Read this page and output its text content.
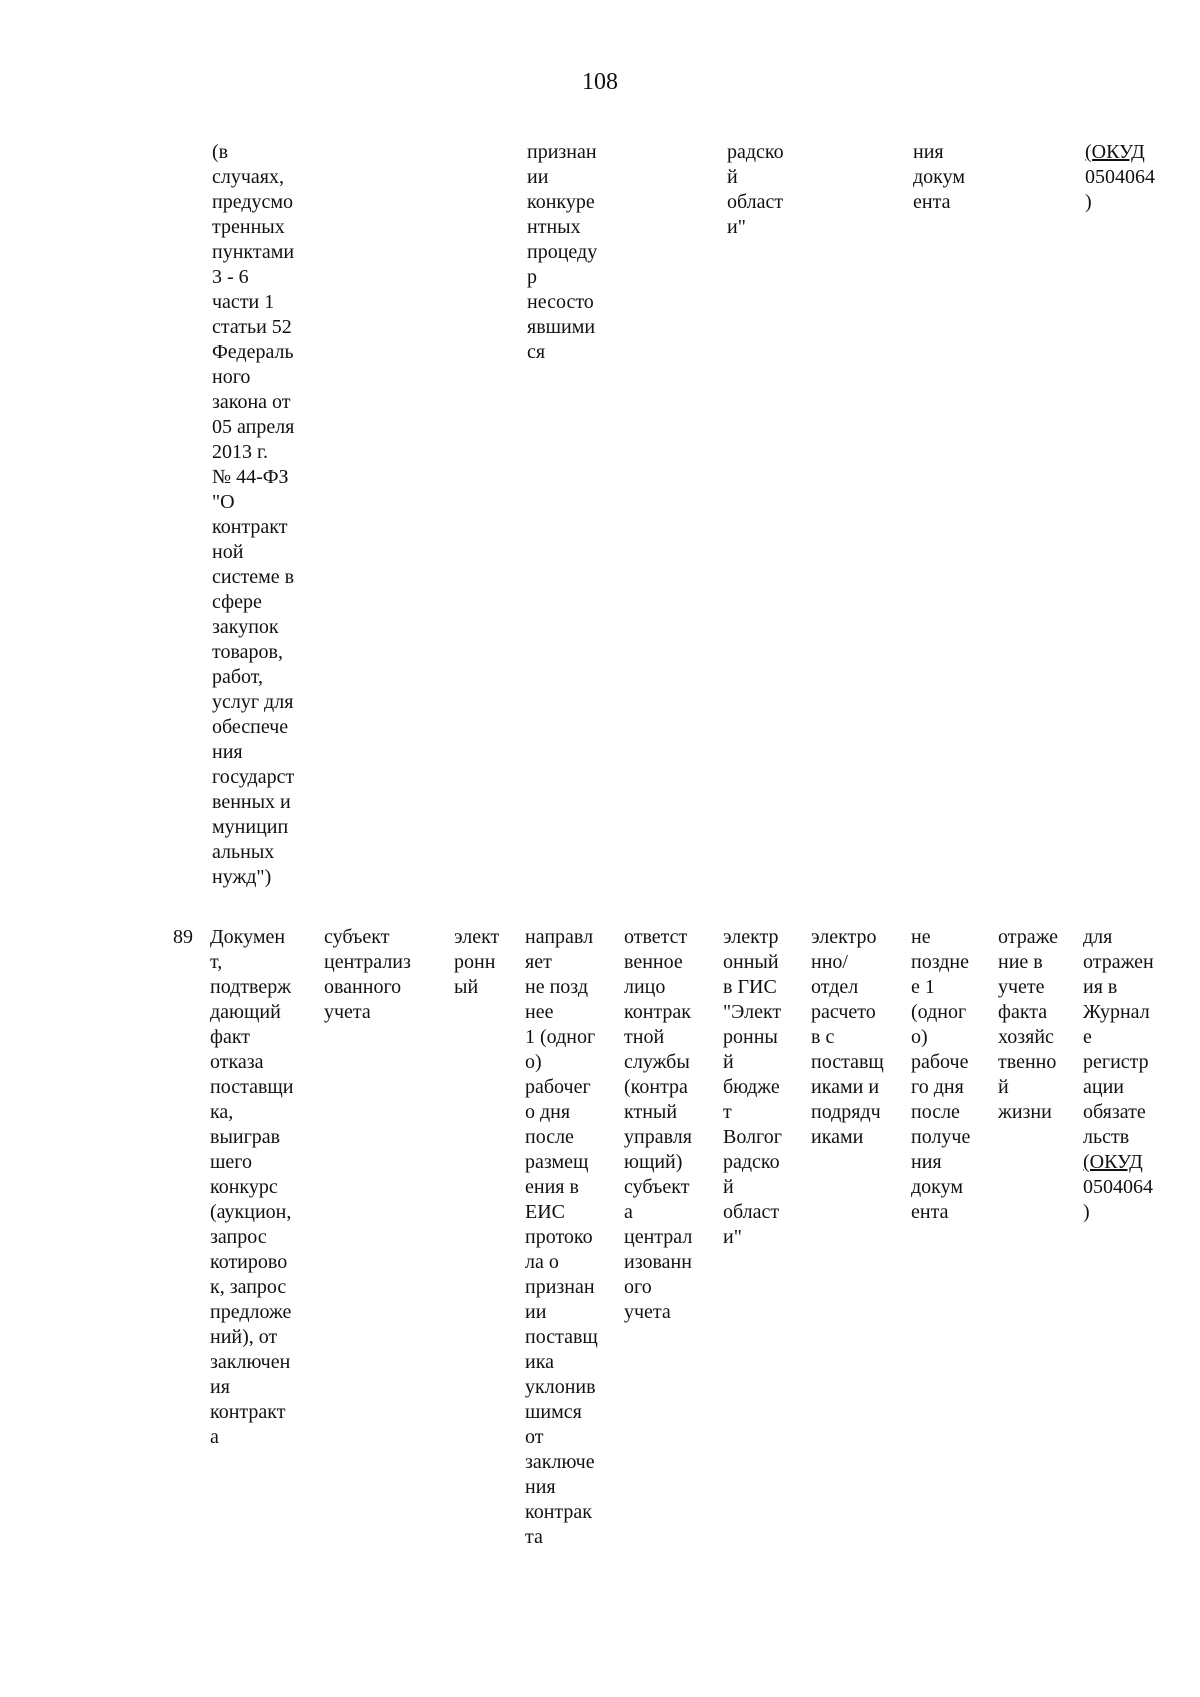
108
(в
случаях,
предусмо
тренных
пунктами
3 - 6
части 1
статьи 52
Федераль
ного
закона от
05 апреля
2013 г.
№ 44-ФЗ
"О
контракт
ной
системе в
сфере
закупок
товаров,
работ,
услуг для
обеспече
ния
государст
венных и
муницип
альных
нужд")
признан
ии
конкуре
нтных
процеду
р
несосто
явшими
ся
радско
й
област
и"
ния
докум
ента
(ОКУД
0504064
)
89 Докумен
т,
подтверж
дающий
факт
отказа
поставщи
ка,
выиграв
шего
конкурс
(аукцион,
запрос
котирово
к, запрос
предложе
ний), от
заключен
ия
контракт
а
субъект
централиз
ованного
учета
элект
ронн
ый
направл
яет
не позд
нее
1 (одног
о)
рабочег
о дня
после
размещ
ения в
ЕИС
протоко
ла о
признан
ии
поставщ
ика
уклонив
шимся
от
заключе
ния
контрак
та
ответст
венное
лицо
контрак
тной
службы
(контра
ктный
управля
ющий)
субъект
а
централ
изованн
ого
учета
электр
онный
в ГИС
"Элект
ронны
й
бюдже
т
Волгог
радско
й
област
и"
электро
нно/
отдел
расчето
в с
поставщ
иками и
подрядч
иками
не
поздне
е 1
(одног
о)
рабоче
го дня
после
получе
ния
докум
ента
отраже
ние в
учете
факта
хозяйс
твенно
й
жизни
для
отражен
ия в
Журнал
е
регистр
ации
обязате
льств
(ОКУД
0504064
)
